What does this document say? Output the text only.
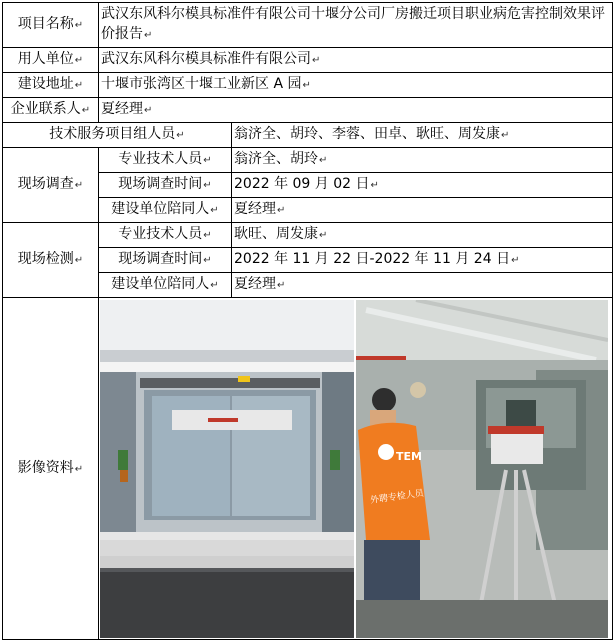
项目名称↵	武汉东风科尔模具标准件有限公司十堰分公司厂房搬迁项目职业病危害控制效果评价报告↵	
用人单位↵	武汉东风科尔模具标准件有限公司↵	
建设地址↵	十堰市张湾区十堰工业新区 A 园↵	
企业联系人↵	夏经理↵	
技术服务项目组人员↵		翁济全、胡玲、李蓉、田卓、耿旺、周发康↵
现场调查↵	专业技术人员↵	翁济全、胡玲↵
	现场调查时间↵	2022 年 09 月 02 日↵
	建设单位陪同人↵	夏经理↵
现场检测↵	专业技术人员↵	耿旺、周发康↵
	现场调查时间↵	2022 年 11 月 22 日-2022 年 11 月 24 日↵
	建设单位陪同人↵	夏经理↵
影像资料↵	TEM
外聘专检人员	
